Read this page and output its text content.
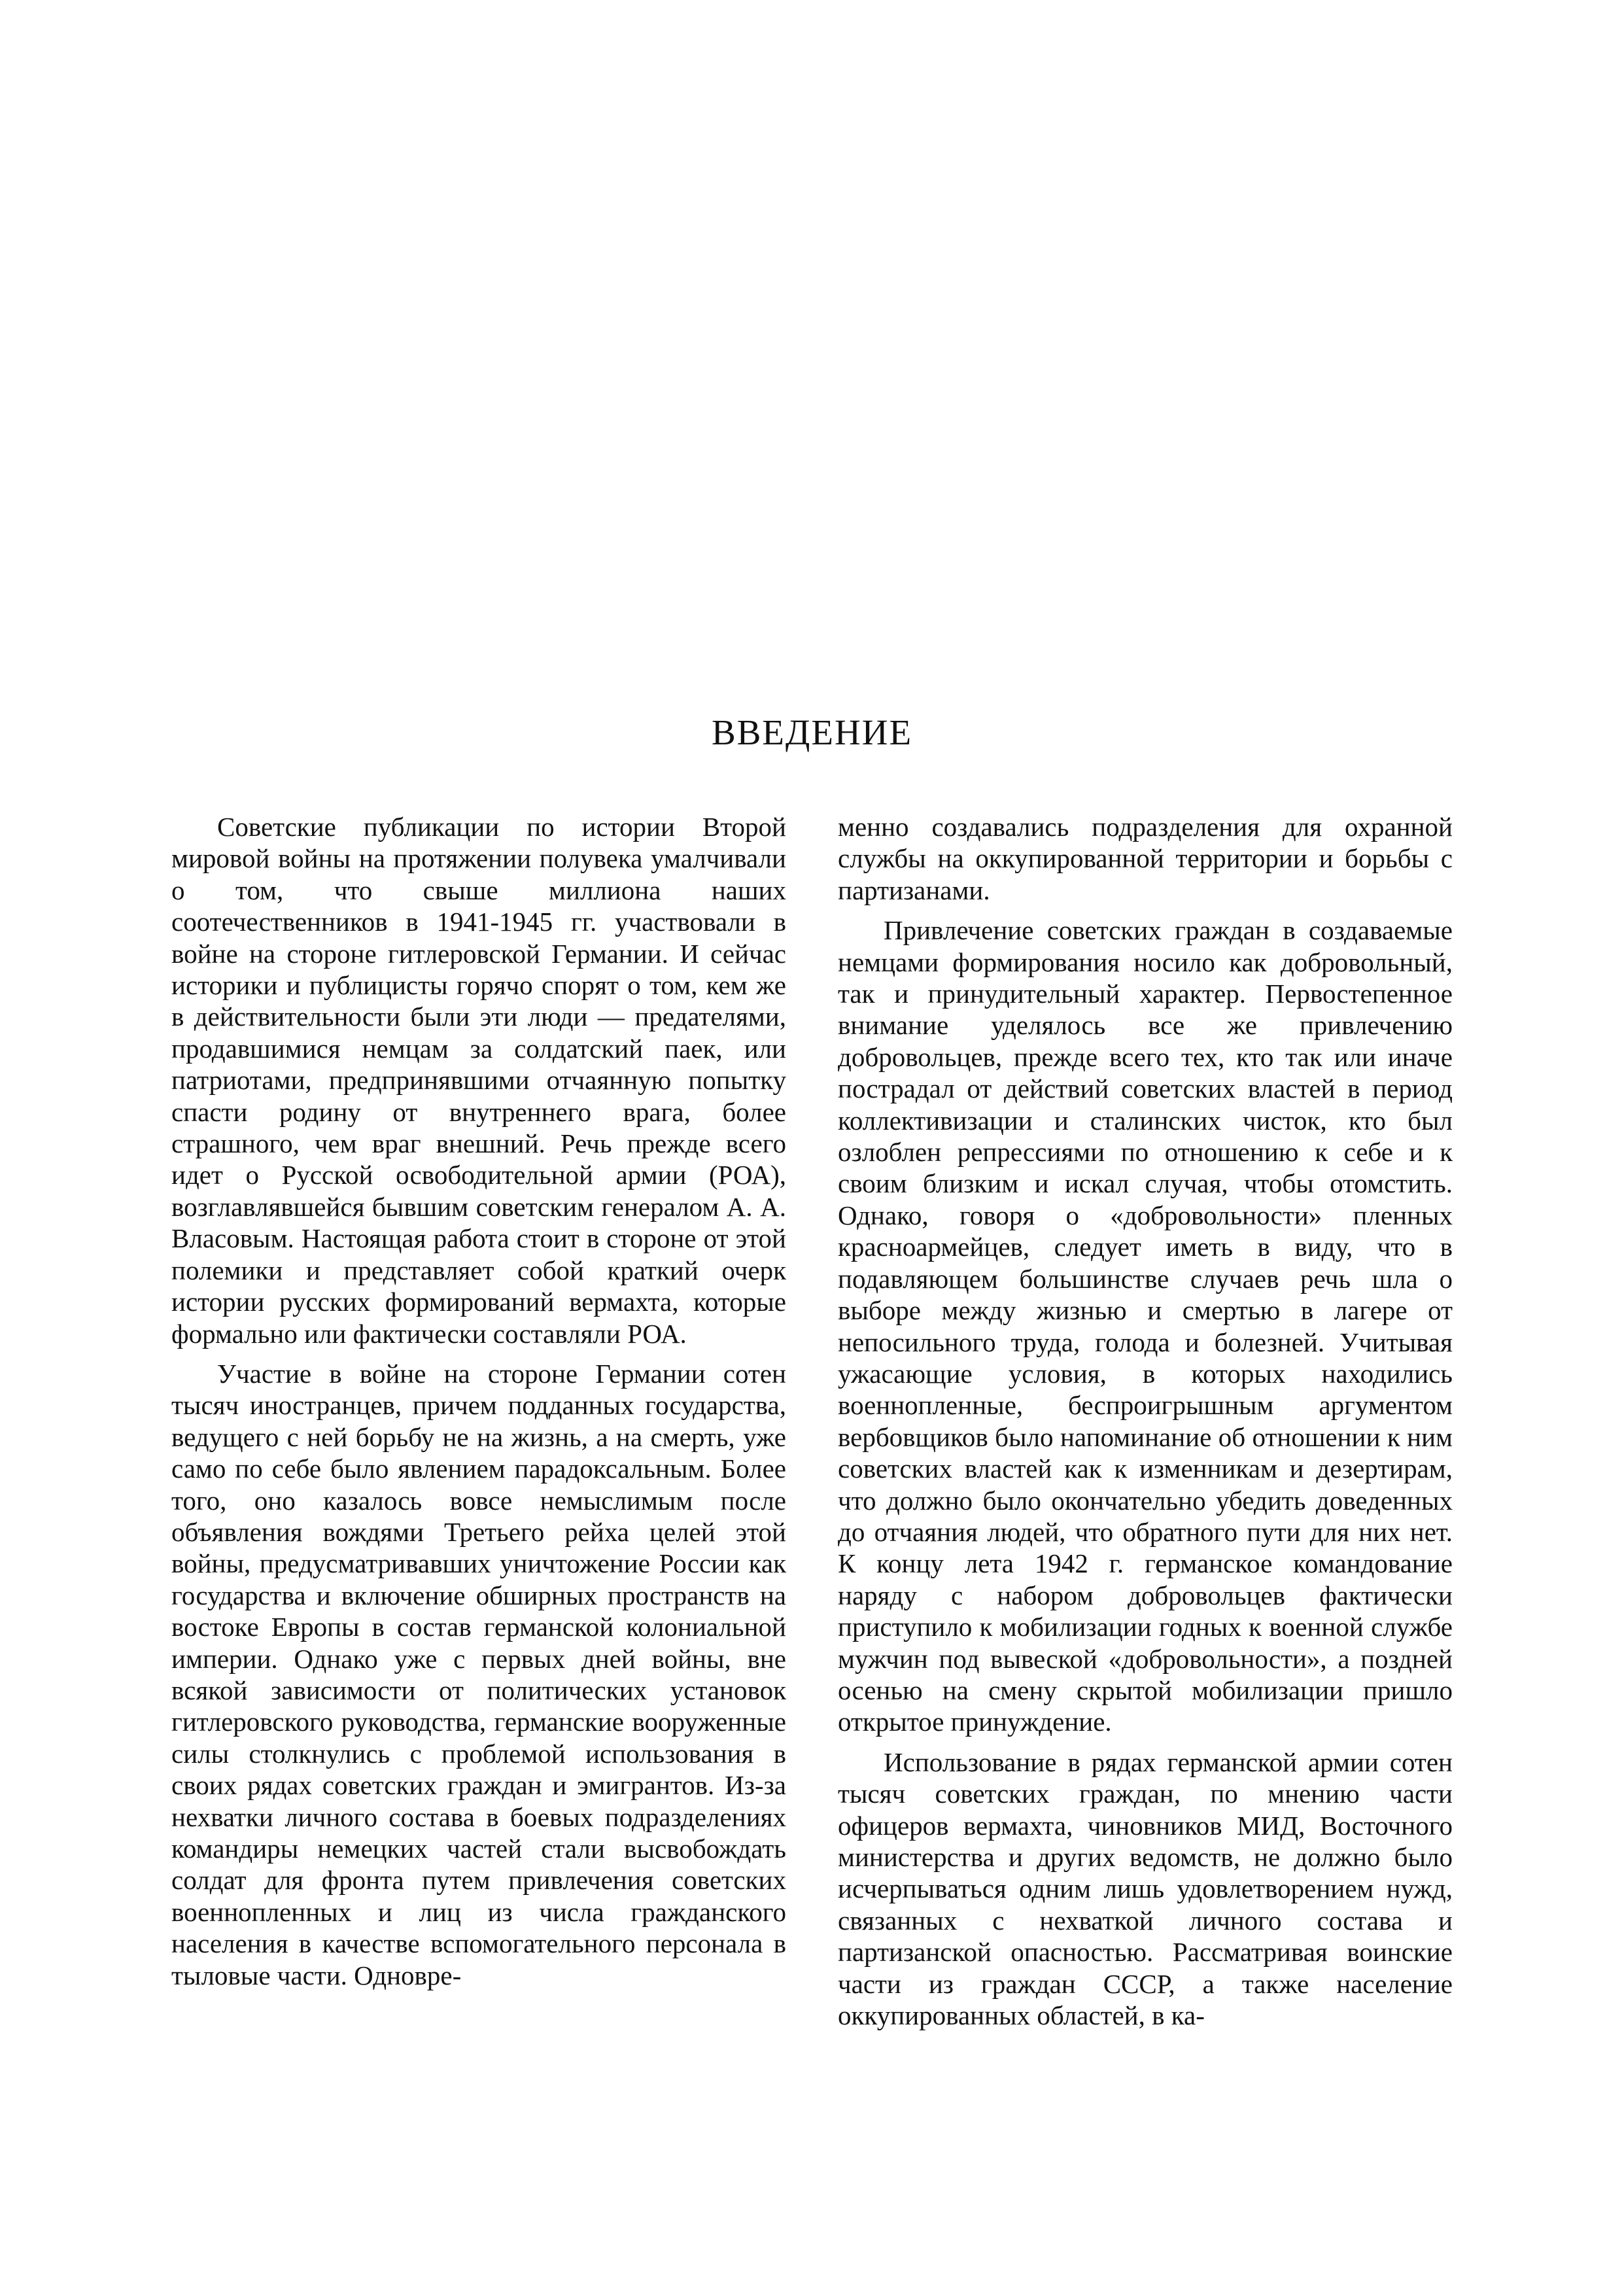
ВВЕДЕНИЕ

Советские публикации по истории Второй мировой войны на протяжении полувека умалчивали о том, что свыше миллиона наших соотечественников в 1941-1945 гг. участвовали в войне на стороне гитлеровской Германии. И сейчас историки и публицисты горячо спорят о том, кем же в действительности были эти люди — предателями, продавшимися немцам за солдатский паек, или патриотами, предпринявшими отчаянную попытку спасти родину от внутреннего врага, более страшного, чем враг внешний. Речь прежде всего идет о Русской освободительной армии (РОА), возглавлявшейся бывшим советским генералом А. А. Власовым. Настоящая работа стоит в стороне от этой полемики и представляет собой краткий очерк истории русских формирований вермахта, которые формально или фактически составляли РОА.

Участие в войне на стороне Германии сотен тысяч иностранцев, причем подданных государства, ведущего с ней борьбу не на жизнь, а на смерть, уже само по себе было явлением парадоксальным. Более того, оно казалось вовсе немыслимым после объявления вождями Третьего рейха целей этой войны, предусматривавших уничтожение России как государства и включение обширных пространств на востоке Европы в состав германской колониальной империи. Однако уже с первых дней войны, вне всякой зависимости от политических установок гитлеровского руководства, германские вооруженные силы столкнулись с проблемой использования в своих рядах советских граждан и эмигрантов. Из-за нехватки личного состава в боевых подразделениях командиры немецких частей стали высвобождать солдат для фронта путем привлечения советских военнопленных и лиц из числа гражданского населения в качестве вспомогательного персонала в тыловые части. Одновре-

менно создавались подразделения для охранной службы на оккупированной территории и борьбы с партизанами.

Привлечение советских граждан в создаваемые немцами формирования носило как добровольный, так и принудительный характер. Первостепенное внимание уделялось все же привлечению добровольцев, прежде всего тех, кто так или иначе пострадал от действий советских властей в период коллективизации и сталинских чисток, кто был озлоблен репрессиями по отношению к себе и к своим близким и искал случая, чтобы отомстить. Однако, говоря о «добровольности» пленных красноармейцев, следует иметь в виду, что в подавляющем большинстве случаев речь шла о выборе между жизнью и смертью в лагере от непосильного труда, голода и болезней. Учитывая ужасающие условия, в которых находились военнопленные, беспроигрышным аргументом вербовщиков было напоминание об отношении к ним советских властей как к изменникам и дезертирам, что должно было окончательно убедить доведенных до отчаяния людей, что обратного пути для них нет. К концу лета 1942 г. германское командование наряду с набором добровольцев фактически приступило к мобилизации годных к военной службе мужчин под вывеской «добровольности», а поздней осенью на смену скрытой мобилизации пришло открытое принуждение.

Использование в рядах германской армии сотен тысяч советских граждан, по мнению части офицеров вермахта, чиновников МИД, Восточного министерства и других ведомств, не должно было исчерпываться одним лишь удовлетворением нужд, связанных с нехваткой личного состава и партизанской опасностью. Рассматривая воинские части из граждан СССР, а также население оккупированных областей, в ка-
